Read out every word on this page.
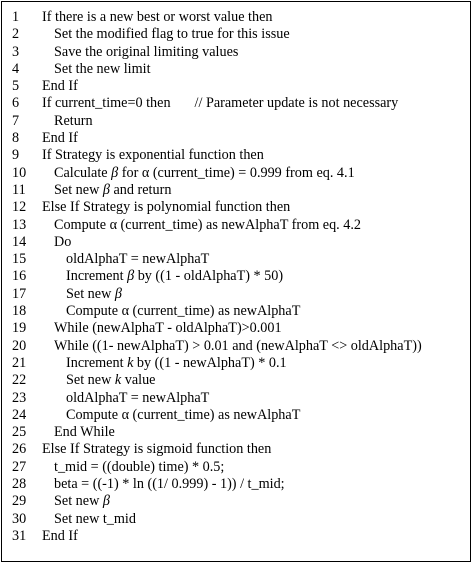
1 If there is a new best or worst value then
2 Set the modified flag to true for this issue
3 Save the original limiting values
4 Set the new limit
5 End If
6 If current_time=0 then // Parameter update is not necessary
7 Return
8 End If
9 If Strategy is exponential function then
10 Calculate β for α (current_time) = 0.999 from eq. 4.1
11 Set new β and return
12 Else If Strategy is polynomial function then
13 Compute α (current_time) as newAlphaT from eq. 4.2
14 Do
15	oldAlphaT = newAlphaT
16	Increment β by ((1 - oldAlphaT) * 50)
17	Set new β
18	Compute α (current_time) as newAlphaT
19 While (newAlphaT - oldAlphaT)>0.001
20 While ((1- newAlphaT) > 0.01 and (newAlphaT <> oldAlphaT))
21	Increment k by ((1 - newAlphaT) * 0.1
22	Set new k value
23	oldAlphaT = newAlphaT
24	Compute α (current_time) as newAlphaT
25 End While
26 Else If Strategy is sigmoid function then
27 t_mid = ((double) time) * 0.5;
28 beta = ((-1) * ln ((1/ 0.999) - 1)) / t_mid;
29 Set new β
30 Set new t_mid
31 End If
